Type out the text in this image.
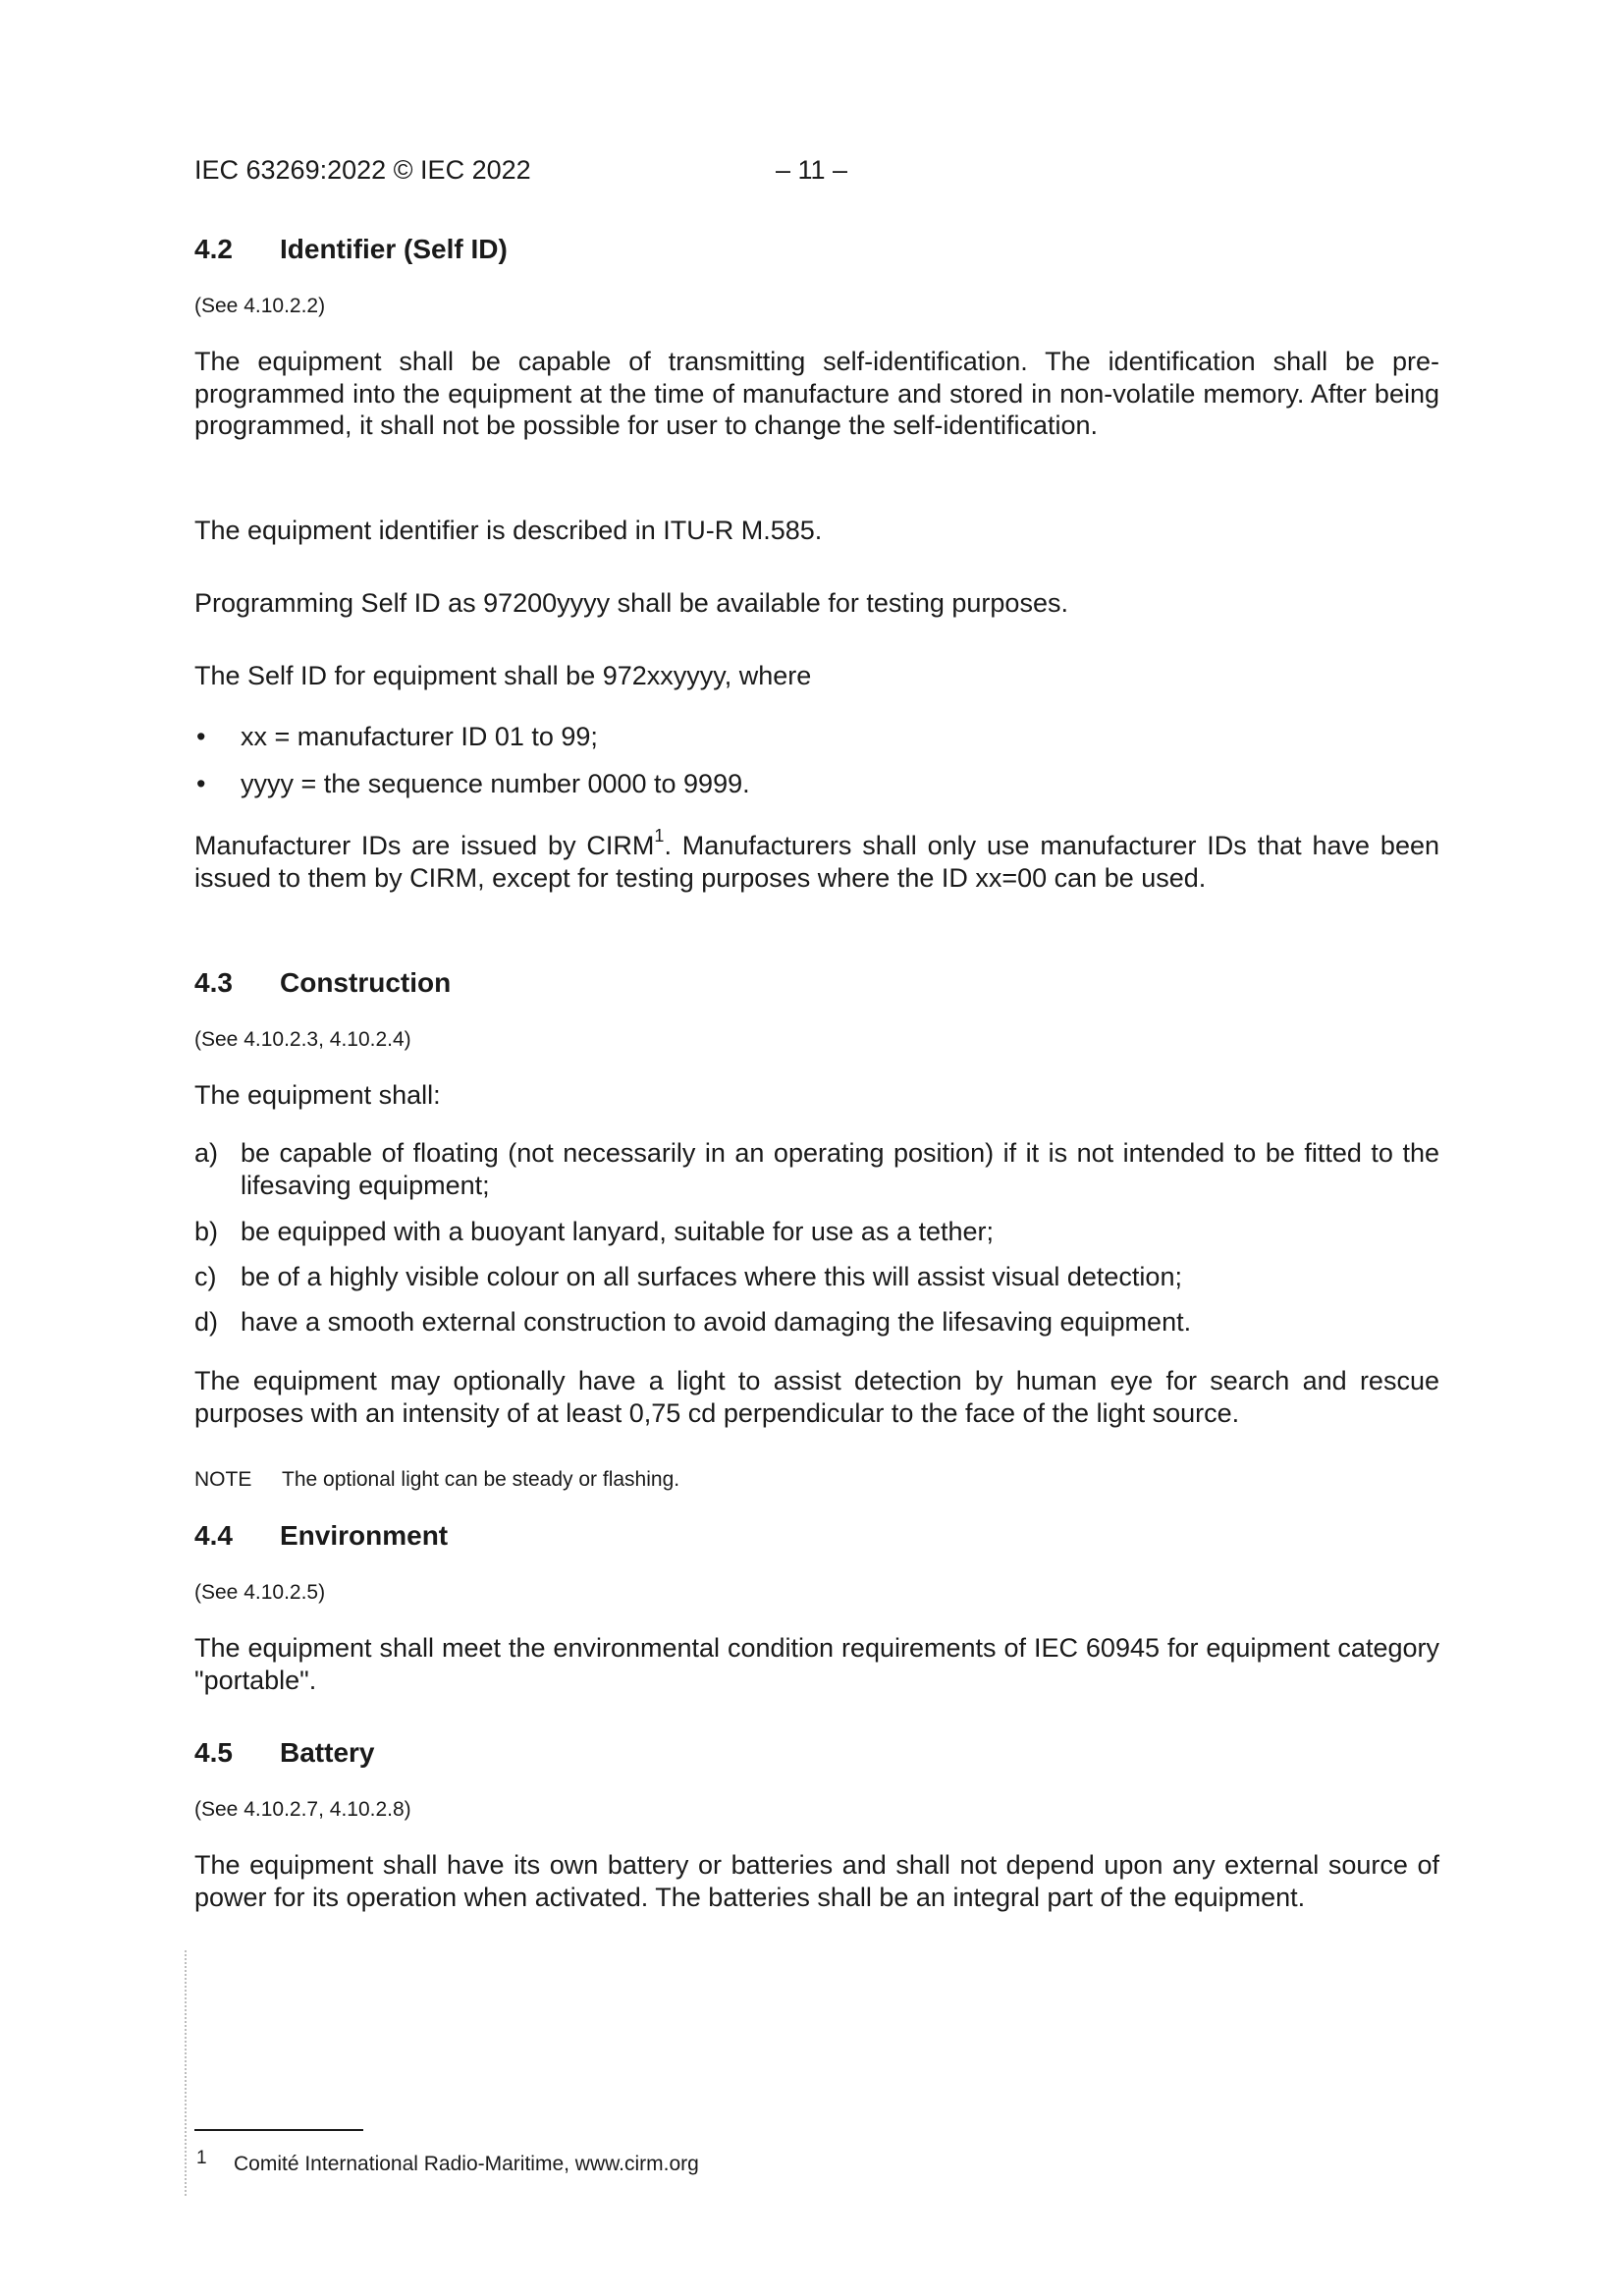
IEC 63269:2022 © IEC 2022	– 11 –
4.2 Identifier (Self ID)
(See 4.10.2.2)
The equipment shall be capable of transmitting self-identification. The identification shall be pre-programmed into the equipment at the time of manufacture and stored in non-volatile memory. After being programmed, it shall not be possible for user to change the self-identification.
The equipment identifier is described in ITU-R M.585.
Programming Self ID as 97200yyyy shall be available for testing purposes.
The Self ID for equipment shall be 972xxyyyy, where
• xx = manufacturer ID 01 to 99;
• yyyy = the sequence number 0000 to 9999.
Manufacturer IDs are issued by CIRM$^1$. Manufacturers shall only use manufacturer IDs that have been issued to them by CIRM, except for testing purposes where the ID xx=00 can be used.
4.3 Construction
(See 4.10.2.3, 4.10.2.4)
The equipment shall:
a) be capable of floating (not necessarily in an operating position) if it is not intended to be fitted to the lifesaving equipment;
b) be equipped with a buoyant lanyard, suitable for use as a tether;
c) be of a highly visible colour on all surfaces where this will assist visual detection;
d) have a smooth external construction to avoid damaging the lifesaving equipment.
The equipment may optionally have a light to assist detection by human eye for search and rescue purposes with an intensity of at least 0,75 cd perpendicular to the face of the light source.
NOTE The optional light can be steady or flashing.
4.4 Environment
(See 4.10.2.5)
The equipment shall meet the environmental condition requirements of IEC 60945 for equipment category "portable".
4.5 Battery
(See 4.10.2.7, 4.10.2.8)
The equipment shall have its own battery or batteries and shall not depend upon any external source of power for its operation when activated. The batteries shall be an integral part of the equipment.
1 Comité International Radio-Maritime, www.cirm.org
